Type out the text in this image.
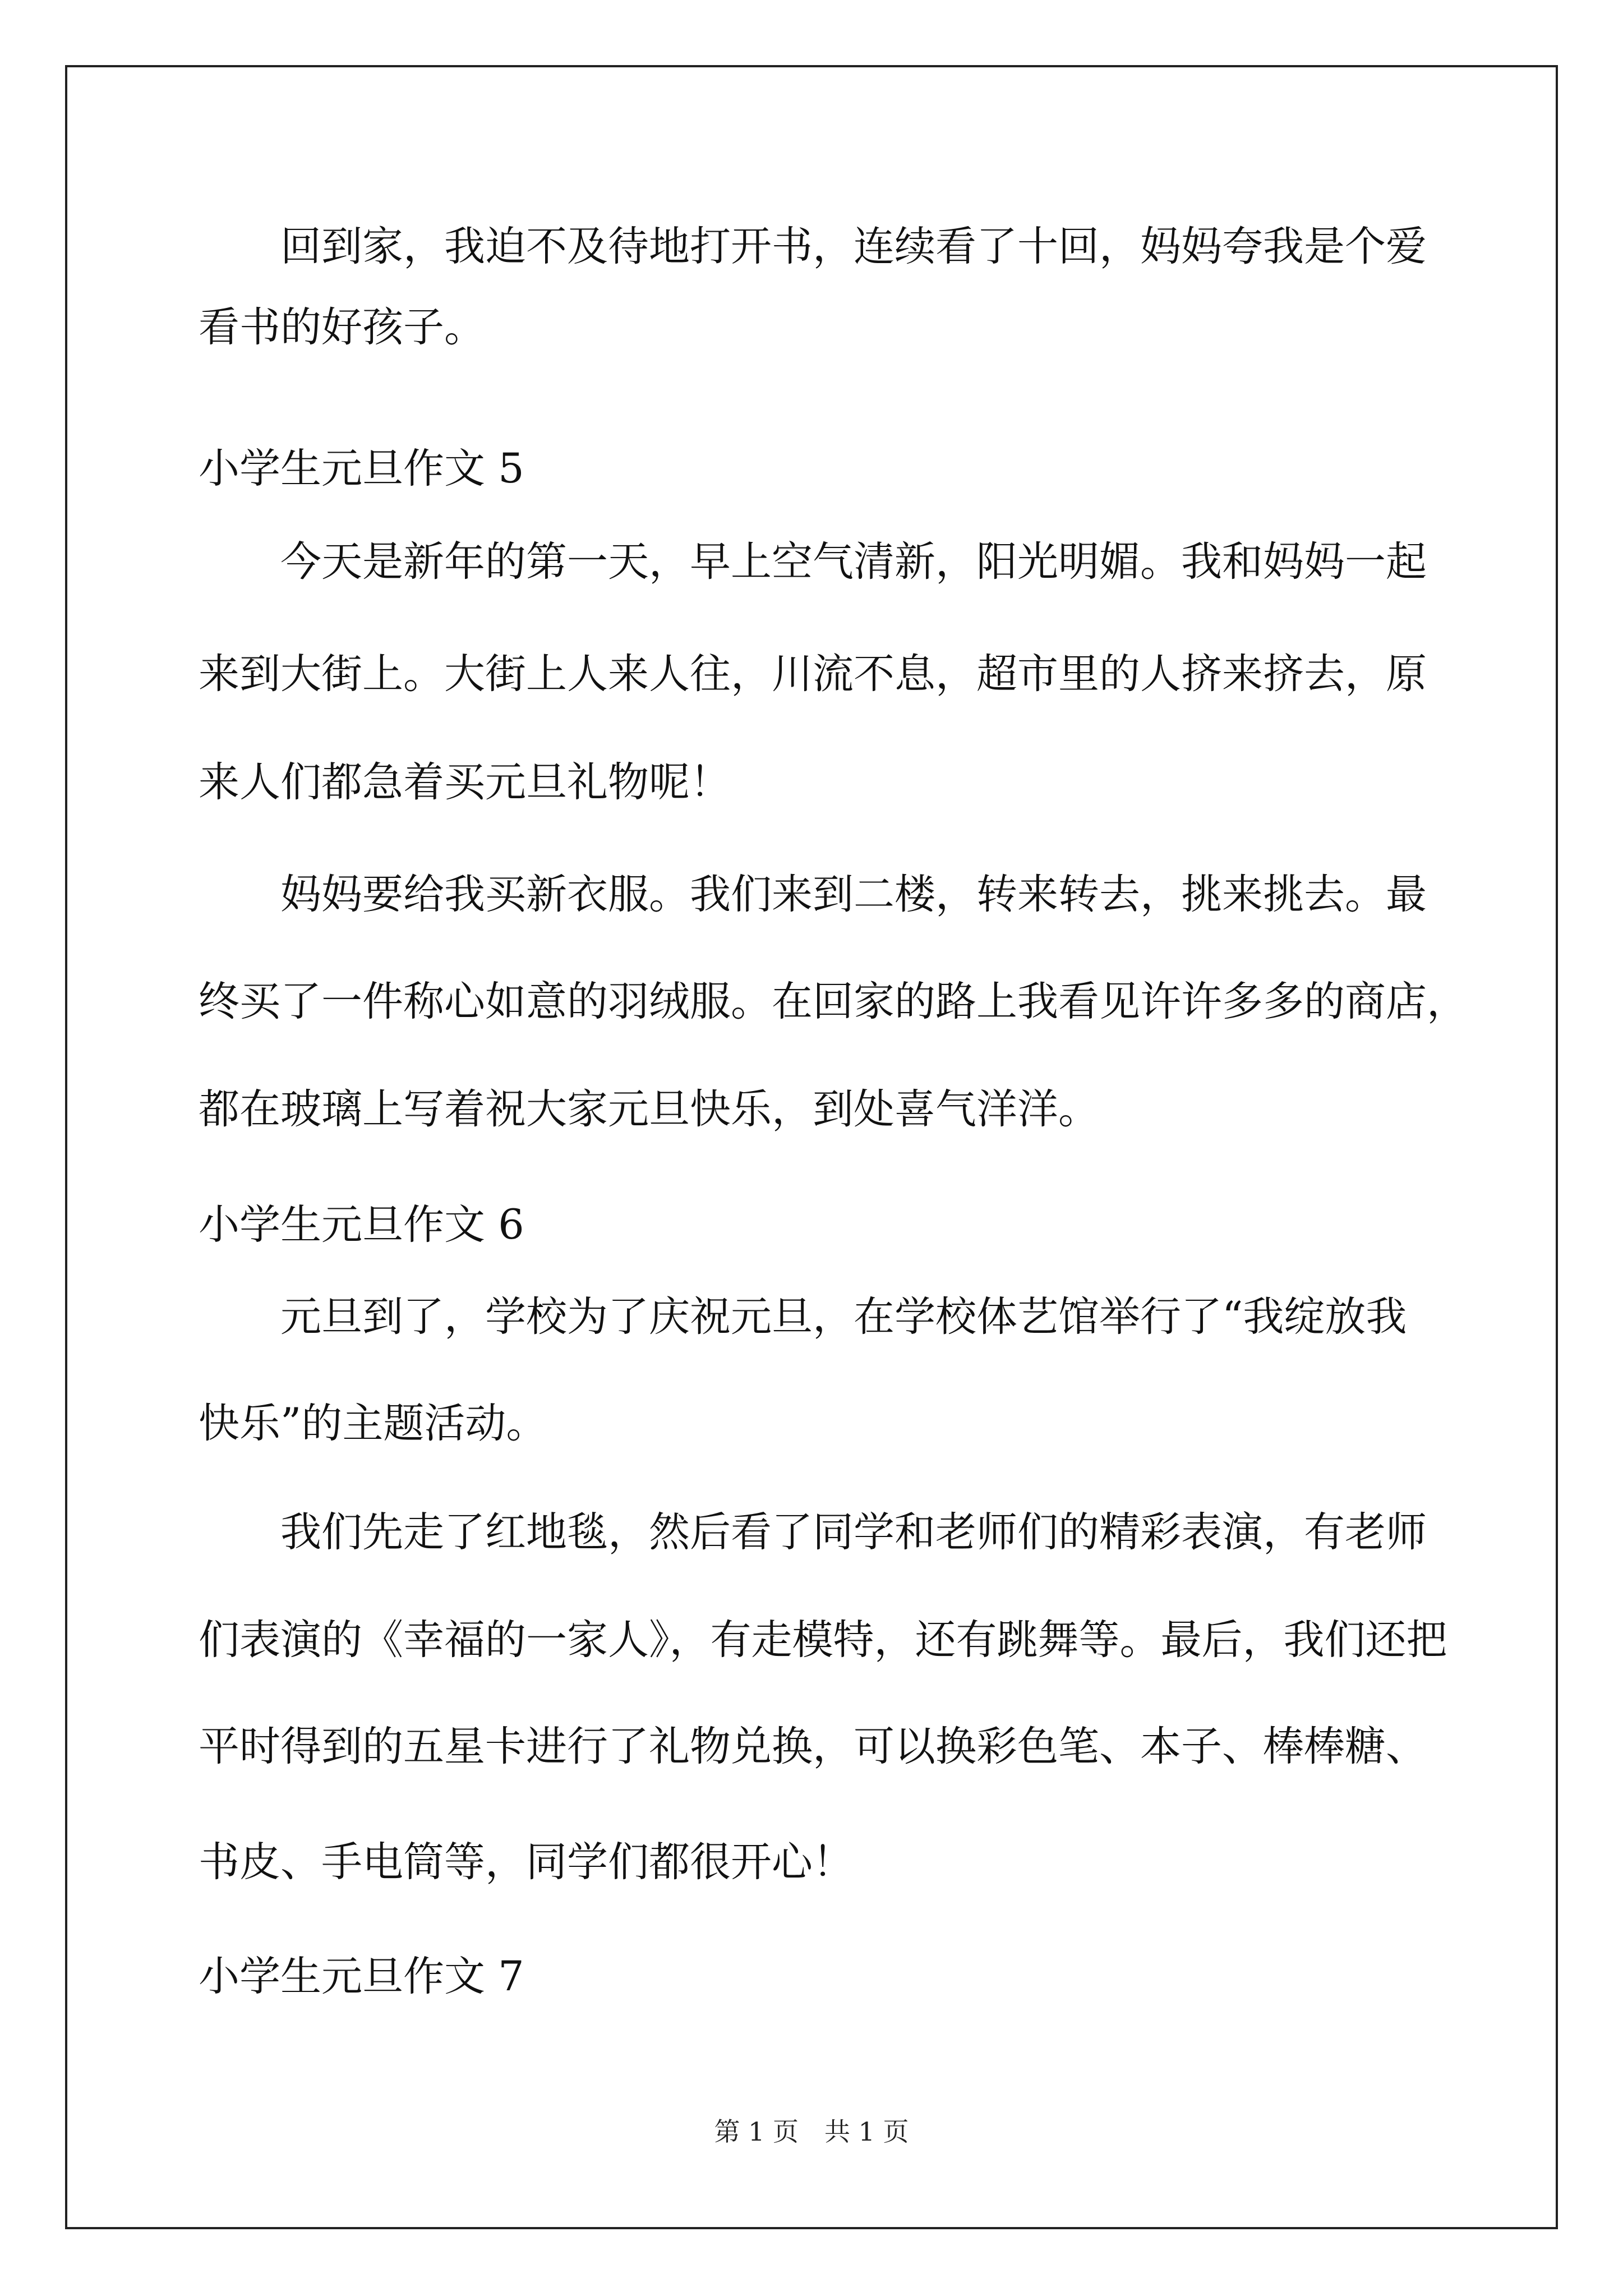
回到家，我迫不及待地打开书，连续看了十回，妈妈夸我是个爱
看书的好孩子。
小学生元旦作文 5
今天是新年的第一天，早上空气清新，阳光明媚。我和妈妈一起
来到大街上。大街上人来人往，川流不息，超市里的人挤来挤去，原
来人们都急着买元旦礼物呢！
妈妈要给我买新衣服。我们来到二楼，转来转去，挑来挑去。最
终买了一件称心如意的羽绒服。在回家的路上我看见许许多多的商店，
都在玻璃上写着祝大家元旦快乐，到处喜气洋洋。
小学生元旦作文 6
元旦到了，学校为了庆祝元旦，在学校体艺馆举行了“我绽放我
快乐”的主题活动。
我们先走了红地毯，然后看了同学和老师们的精彩表演，有老师
们表演的《幸福的一家人》，有走模特，还有跳舞等。最后，我们还把
平时得到的五星卡进行了礼物兑换，可以换彩色笔、本子、棒棒糖、
书皮、手电筒等，同学们都很开心！
小学生元旦作文 7
第 1 页　共 1 页
